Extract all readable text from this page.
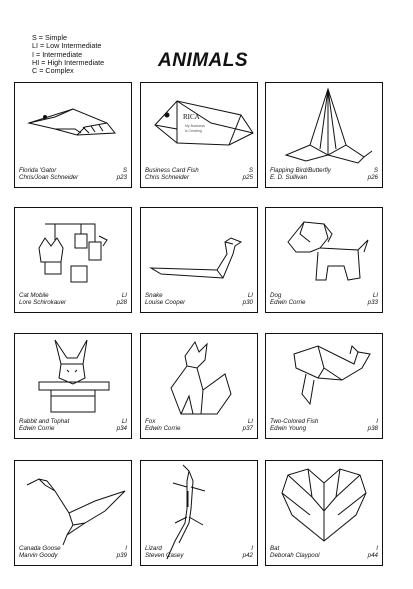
S = Simple
LI = Low Intermediate
I = Intermediate
HI = High Intermediate
C = Complex	ANIMALS
Florida 'Gator
Chris/Joan Schneider
S
p23
RICA
My Business
is Creating
Business Card Fish
Chris Schneider
S
p25
Flapping Bird/Butterfly
E. D. Sullivan
S
p26
Cat Mobile
Lore Schirokauer
LI
p28
Snake
Louise Cooper
LI
p30
Dog
Edwin Corrie
LI
p33
Rabbit and Tophat
Edwin Corrie
LI
p34
Fox
Edwin Corrie
LI
p37
Two-Colored Fish
Edwin Young
I
p38
Canada Goose
Marvin Goody
I
p39
Lizard
Steven Casey
I
p42
Bat
Deborah Claypool
I
p44
